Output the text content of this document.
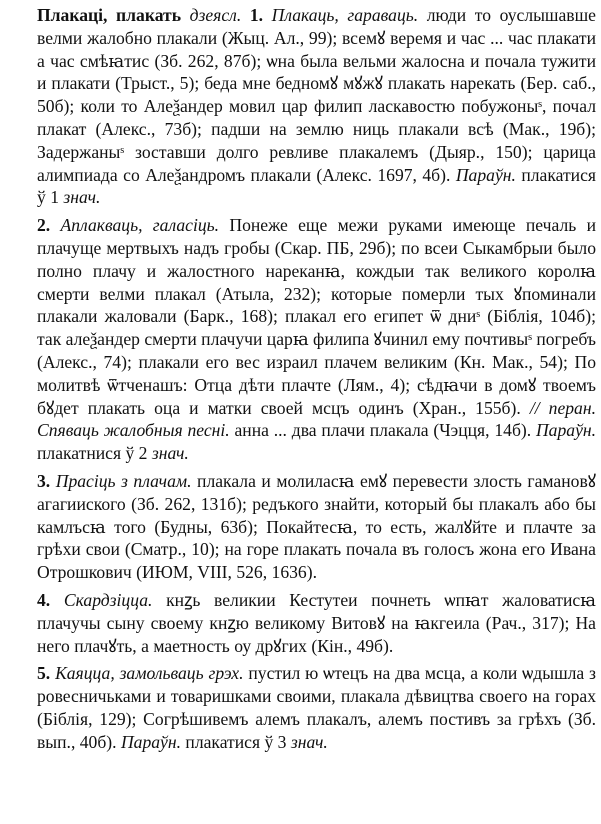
Плакаці, плакать дзеясл. 1. Плакаць, гараваць. люди то оуслышавше велми жалобно плакали (Жыц. Ал., 99); всемꙋ веремя и час ... час плакати а час смѣꙗтис (Зб. 262, 87б); ѡна была вельми жалосна и почала тужити и плакати (Трыст., 5); беда мне бедномꙋ мꙋжꙋ плакать нарекать (Бер. саб., 50б); коли то Алеѯандер мовил цар филип ласкавостю побужоныˢ, почал плакат (Алекс., 73б); падши на землю ниць плакали всѣ (Мак., 19б); Задержаныˢ зоставши долго ревливе плакалемъ (Дыяр., 150); царица алимпиада со Алеѯандромъ плакали (Алекс. 1697, 4б). Параўн. плакатися ў 1 знач.

2. Аплакваць, галасіць. Понеже еще межи руками имеюще печаль и плачуще мертвыхъ надъ гробы (Скар. ПБ, 29б); по всеи Сыкамбрыи было полно плачу и жалостного нареканꙗ, кождыи так великого королꙗ смерти велми плакал (Атыла, 232); которые померли тых ꙋпоминали плакали жаловали (Барк., 168); плакал его египет ѿ дниˢ (Біблія, 104б); так алеѯандер смерти плачучи царꙗ филипа ꙋчинил ему почтивыˢ погребъ (Алекс., 74); плакали его вес израил плачем великим (Кн. Мак., 54); По молитвѣ ѿтченашъ: Отца дѣти плачте (Лям., 4); сѣдꙗчи в домꙋ твоемъ бꙋдет плакать оца и матки своей мсцъ одинъ (Хран., 155б). // перан. Спяваць жалобныя песні. анна ... два плачи плакала (Чэцця, 14б). Параўн. плакатнися ў 2 знач.

3. Прасіць з плачам. плакала и молиласꙗ емꙋ перевести злость гамановꙋ агагииского (Зб. 262, 131б); редъкого знайти, который бы плакалъ або бы камлъсꙗ того (Будны, 63б); Покайтесꙗ, то есть, жалꙋйте и плачте за грѣхи свои (Сматр., 10); на горе плакать почала въ голосъ жона его Ивана Отрошкович (ИЮМ, VIII, 526, 1636).

4. Скардзіцца. кнꙁь великии Кестутеи почнеть ѡпꙗт жаловатисꙗ плачучы сыну своему кнꙁю великому Витовꙋ на ꙗкгеила (Рач., 317); На него плачꙋть, а маетность оу дрꙋгих (Кін., 49б).

5. Каяцца, замольваць грэх. пустил ю ѡтецъ на два мсца, а коли ѡдышла з ровесничьками и товаришками своими, плакала дѣвицтва своего на горах (Біблія, 129); Согрѣшивемъ алемъ плакалъ, алемъ постивъ за грѣхъ (Зб. вып., 40б). Параўн. плакатися ў 3 знач.
